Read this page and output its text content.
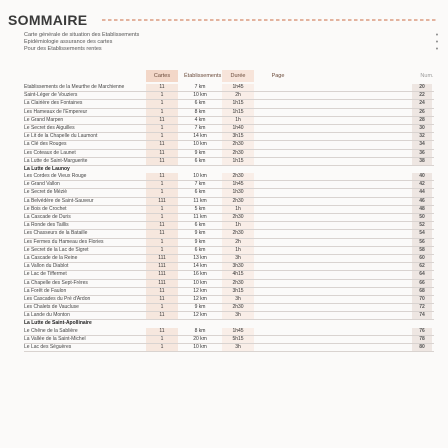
SOMMAIRE
Carte générale de situation des Établissements
Épidémiologie assurance des cartes
Pour des Établissements rentes
•
•
•
Cartes	Établissements	Durée	Page	Num.
Établissements de la Meurthe de Marchienne	11	7 km	1h45	20
Saint-Léger de Vouziers	1	10 km	2h	22
La Clairière des Fontaines	1	6 km	1h15	24
Les Hameaux de l'Empereur	1	8 km	1h15	26
Le Grand Marpen	11	4 km	1h	28
Le Secret des Aiguilles	1	7 km	1h40	30
Le Lit de la Chapelle du Laumont	1	14 km	3h15	32
La Clé des Rouges	11	10 km	2h30	34
Les Coteaux de Launet	11	9 km	2h30	36
La Lutte de Saint-Marguerite	11	6 km	1h15	38
La Lutte de Launoy
Les Cordes de Vieux Rouge	11	10 km	2h30	40
Le Grand Vallon	1	7 km	1h45	42
Le Secret de Méziè	1	6 km	1h30	44
La Belvédère de Saint-Sauveur	111	11 km	2h30	46
Le Bois de Crochet	1	5 km	1h	48
La Cascade de Duris	1	11 km	2h30	50
La Ronde des Taillis	11	6 km	1h	52
Les Chasseurs de la Bataille	11	9 km	2h30	54
Les Fermes du Hameau des Flories	1	9 km	2h	56
Le Secret de la Lac de Sigret	1	6 km	1h	58
La Cascade de la Reine	111	13 km	3h	60
La Vallon du Diablot	111	14 km	3h30	62
Le Lac de Tiffermet	111	16 km	4h15	64
La Chapelle des Sept-Frères	111	10 km	2h30	66
La Forêt de Faulon	11	12 km	3h15	68
Les Cascades du Pré d'Ardon	11	12 km	3h	70
Les Chalets de Vaucluse	1	9 km	2h30	72
La Lande du Monton	11	12 km	3h	74
La Lutte de Saint-Apollinaire
Le Chêne de la Sablière	11	8 km	1h45	76
La Vallée de la Saint-Michel	1	20 km	5h15	78
Le Lac des Séguères	1	10 km	3h	80
